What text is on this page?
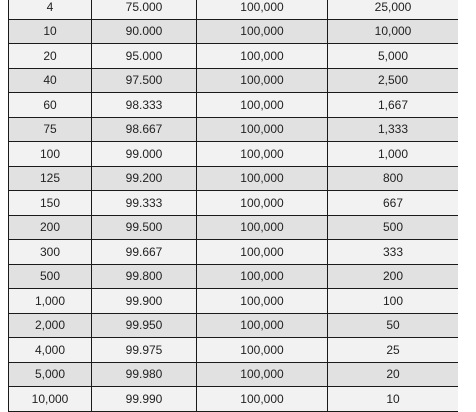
4	75.000	100,000	25,000
10	90.000	100,000	10,000
20	95.000	100,000	5,000
40	97.500	100,000	2,500
60	98.333	100,000	1,667
75	98.667	100,000	1,333
100	99.000	100,000	1,000
125	99.200	100,000	800
150	99.333	100,000	667
200	99.500	100,000	500
300	99.667	100,000	333
500	99.800	100,000	200
1,000	99.900	100,000	100
2,000	99.950	100,000	50
4,000	99.975	100,000	25
5,000	99.980	100,000	20
10,000	99.990	100,000	10
